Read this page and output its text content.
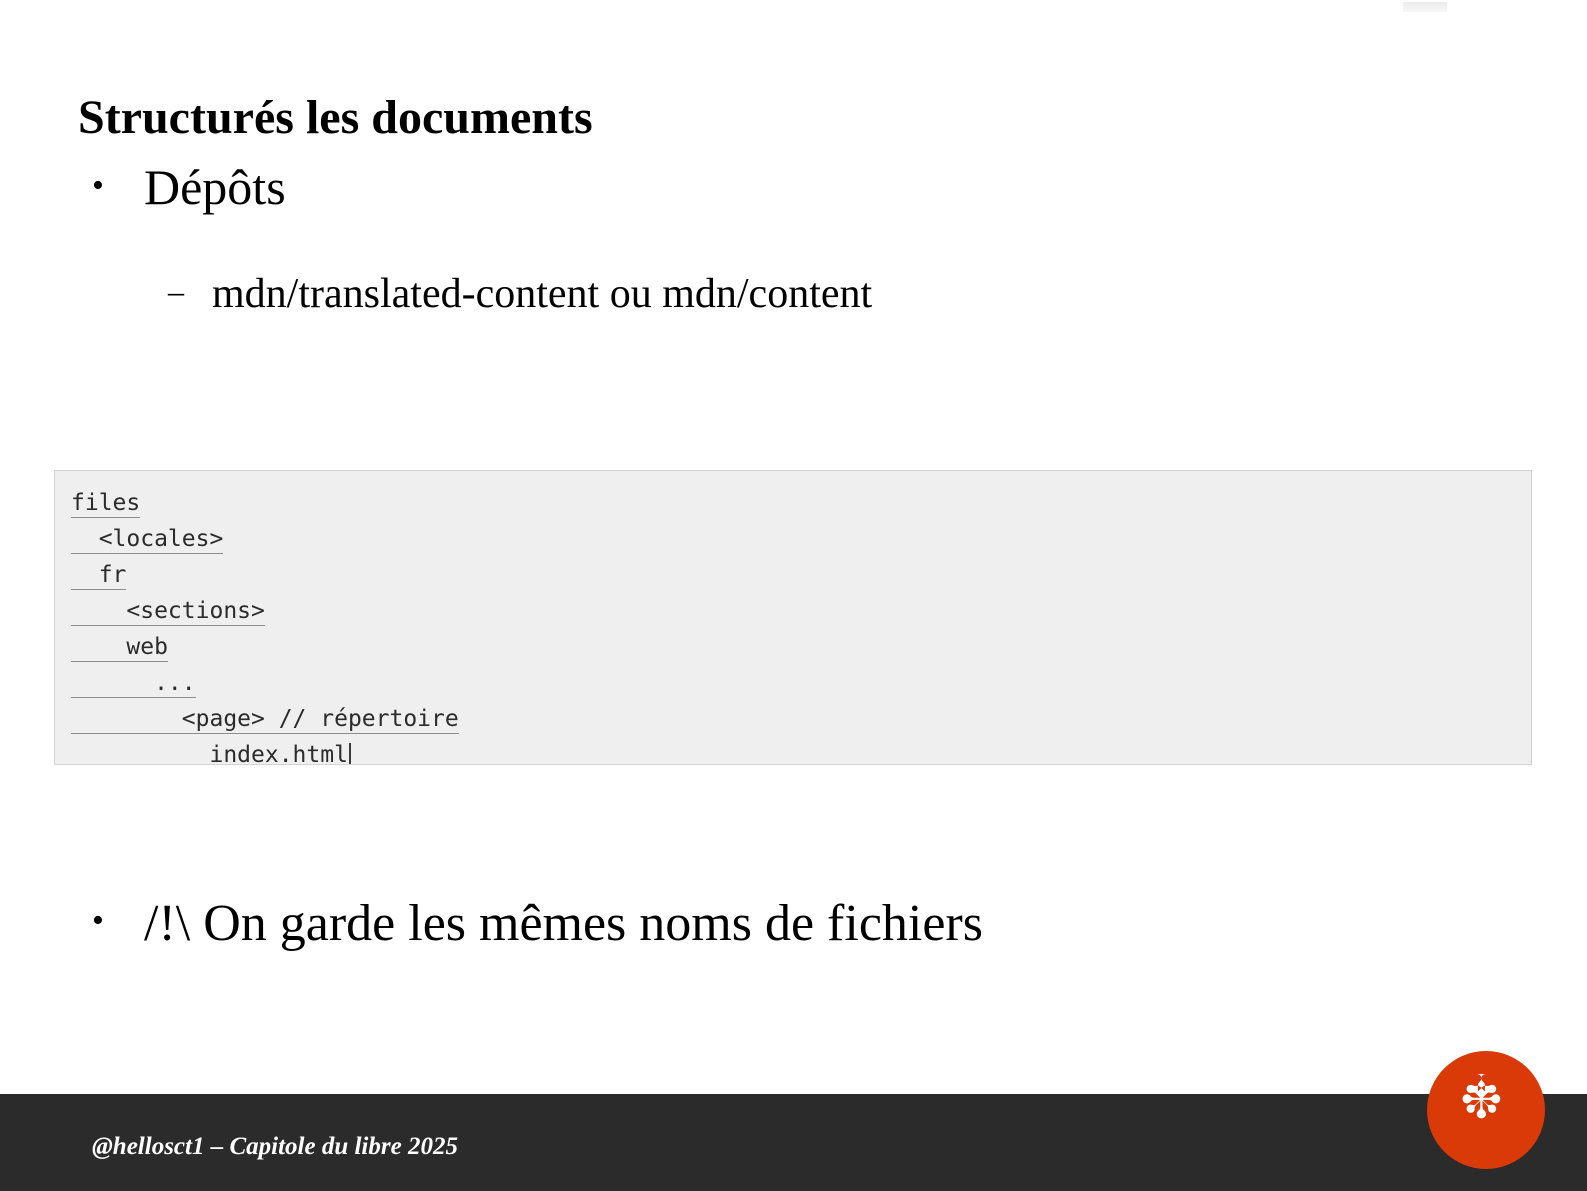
Structurés les documents
• Dépôts
– mdn/translated-content ou mdn/content
files
<locales>
fr
<sections>
web
...
<page> // répertoire
index.html
• /!\ On garde les mêmes noms de fichiers
@hellosct1 – Capitole du libre 2025
